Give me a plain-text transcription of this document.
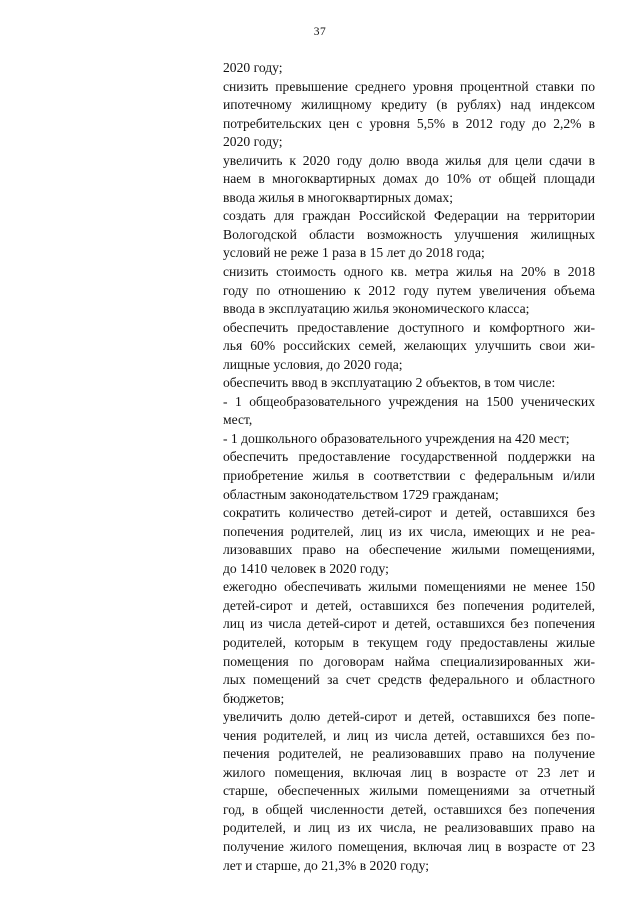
37
2020 году;
снизить превышение среднего уровня процентной ставки по
ипотечному жилищному кредиту (в рублях) над индексом
потребительских цен с уровня 5,5% в 2012 году до 2,2% в
2020 году;
увеличить к 2020 году долю ввода жилья для цели сдачи в
наем в многоквартирных домах до 10% от общей площади
ввода жилья в многоквартирных домах;
создать для граждан Российской Федерации на территории
Вологодской области возможность улучшения жилищных
условий не реже 1 раза в 15 лет до 2018 года;
снизить стоимость одного кв. метра жилья на 20% в 2018
году по отношению к 2012 году путем увеличения объема
ввода в эксплуатацию жилья экономического класса;
обеспечить предоставление доступного и комфортного жи-
лья 60% российских семей, желающих улучшить свои жи-
лищные условия, до 2020 года;
обеспечить ввод в эксплуатацию 2 объектов, в том числе:
- 1 общеобразовательного учреждения на 1500 ученических
мест,
- 1 дошкольного образовательного учреждения на 420 мест;
обеспечить предоставление государственной поддержки на
приобретение жилья в соответствии с федеральным и/или
областным законодательством 1729 гражданам;
сократить количество детей-сирот и детей, оставшихся без
попечения родителей, лиц из их числа, имеющих и не реа-
лизовавших право на обеспечение жилыми помещениями,
до 1410 человек в 2020 году;
ежегодно обеспечивать жилыми помещениями не менее 150
детей-сирот и детей, оставшихся без попечения родителей,
лиц из числа детей-сирот и детей, оставшихся без попечения
родителей, которым в текущем году предоставлены жилые
помещения по договорам найма специализированных жи-
лых помещений за счет средств федерального и областного
бюджетов;
увеличить долю детей-сирот и детей, оставшихся без попе-
чения родителей, и лиц из числа детей, оставшихся без по-
печения родителей, не реализовавших право на получение
жилого помещения, включая лиц в возрасте от 23 лет и
старше, обеспеченных жилыми помещениями за отчетный
год, в общей численности детей, оставшихся без попечения
родителей, и лиц из их числа, не реализовавших право на
получение жилого помещения, включая лиц в возрасте от 23
лет и старше, до 21,3% в 2020 году;
